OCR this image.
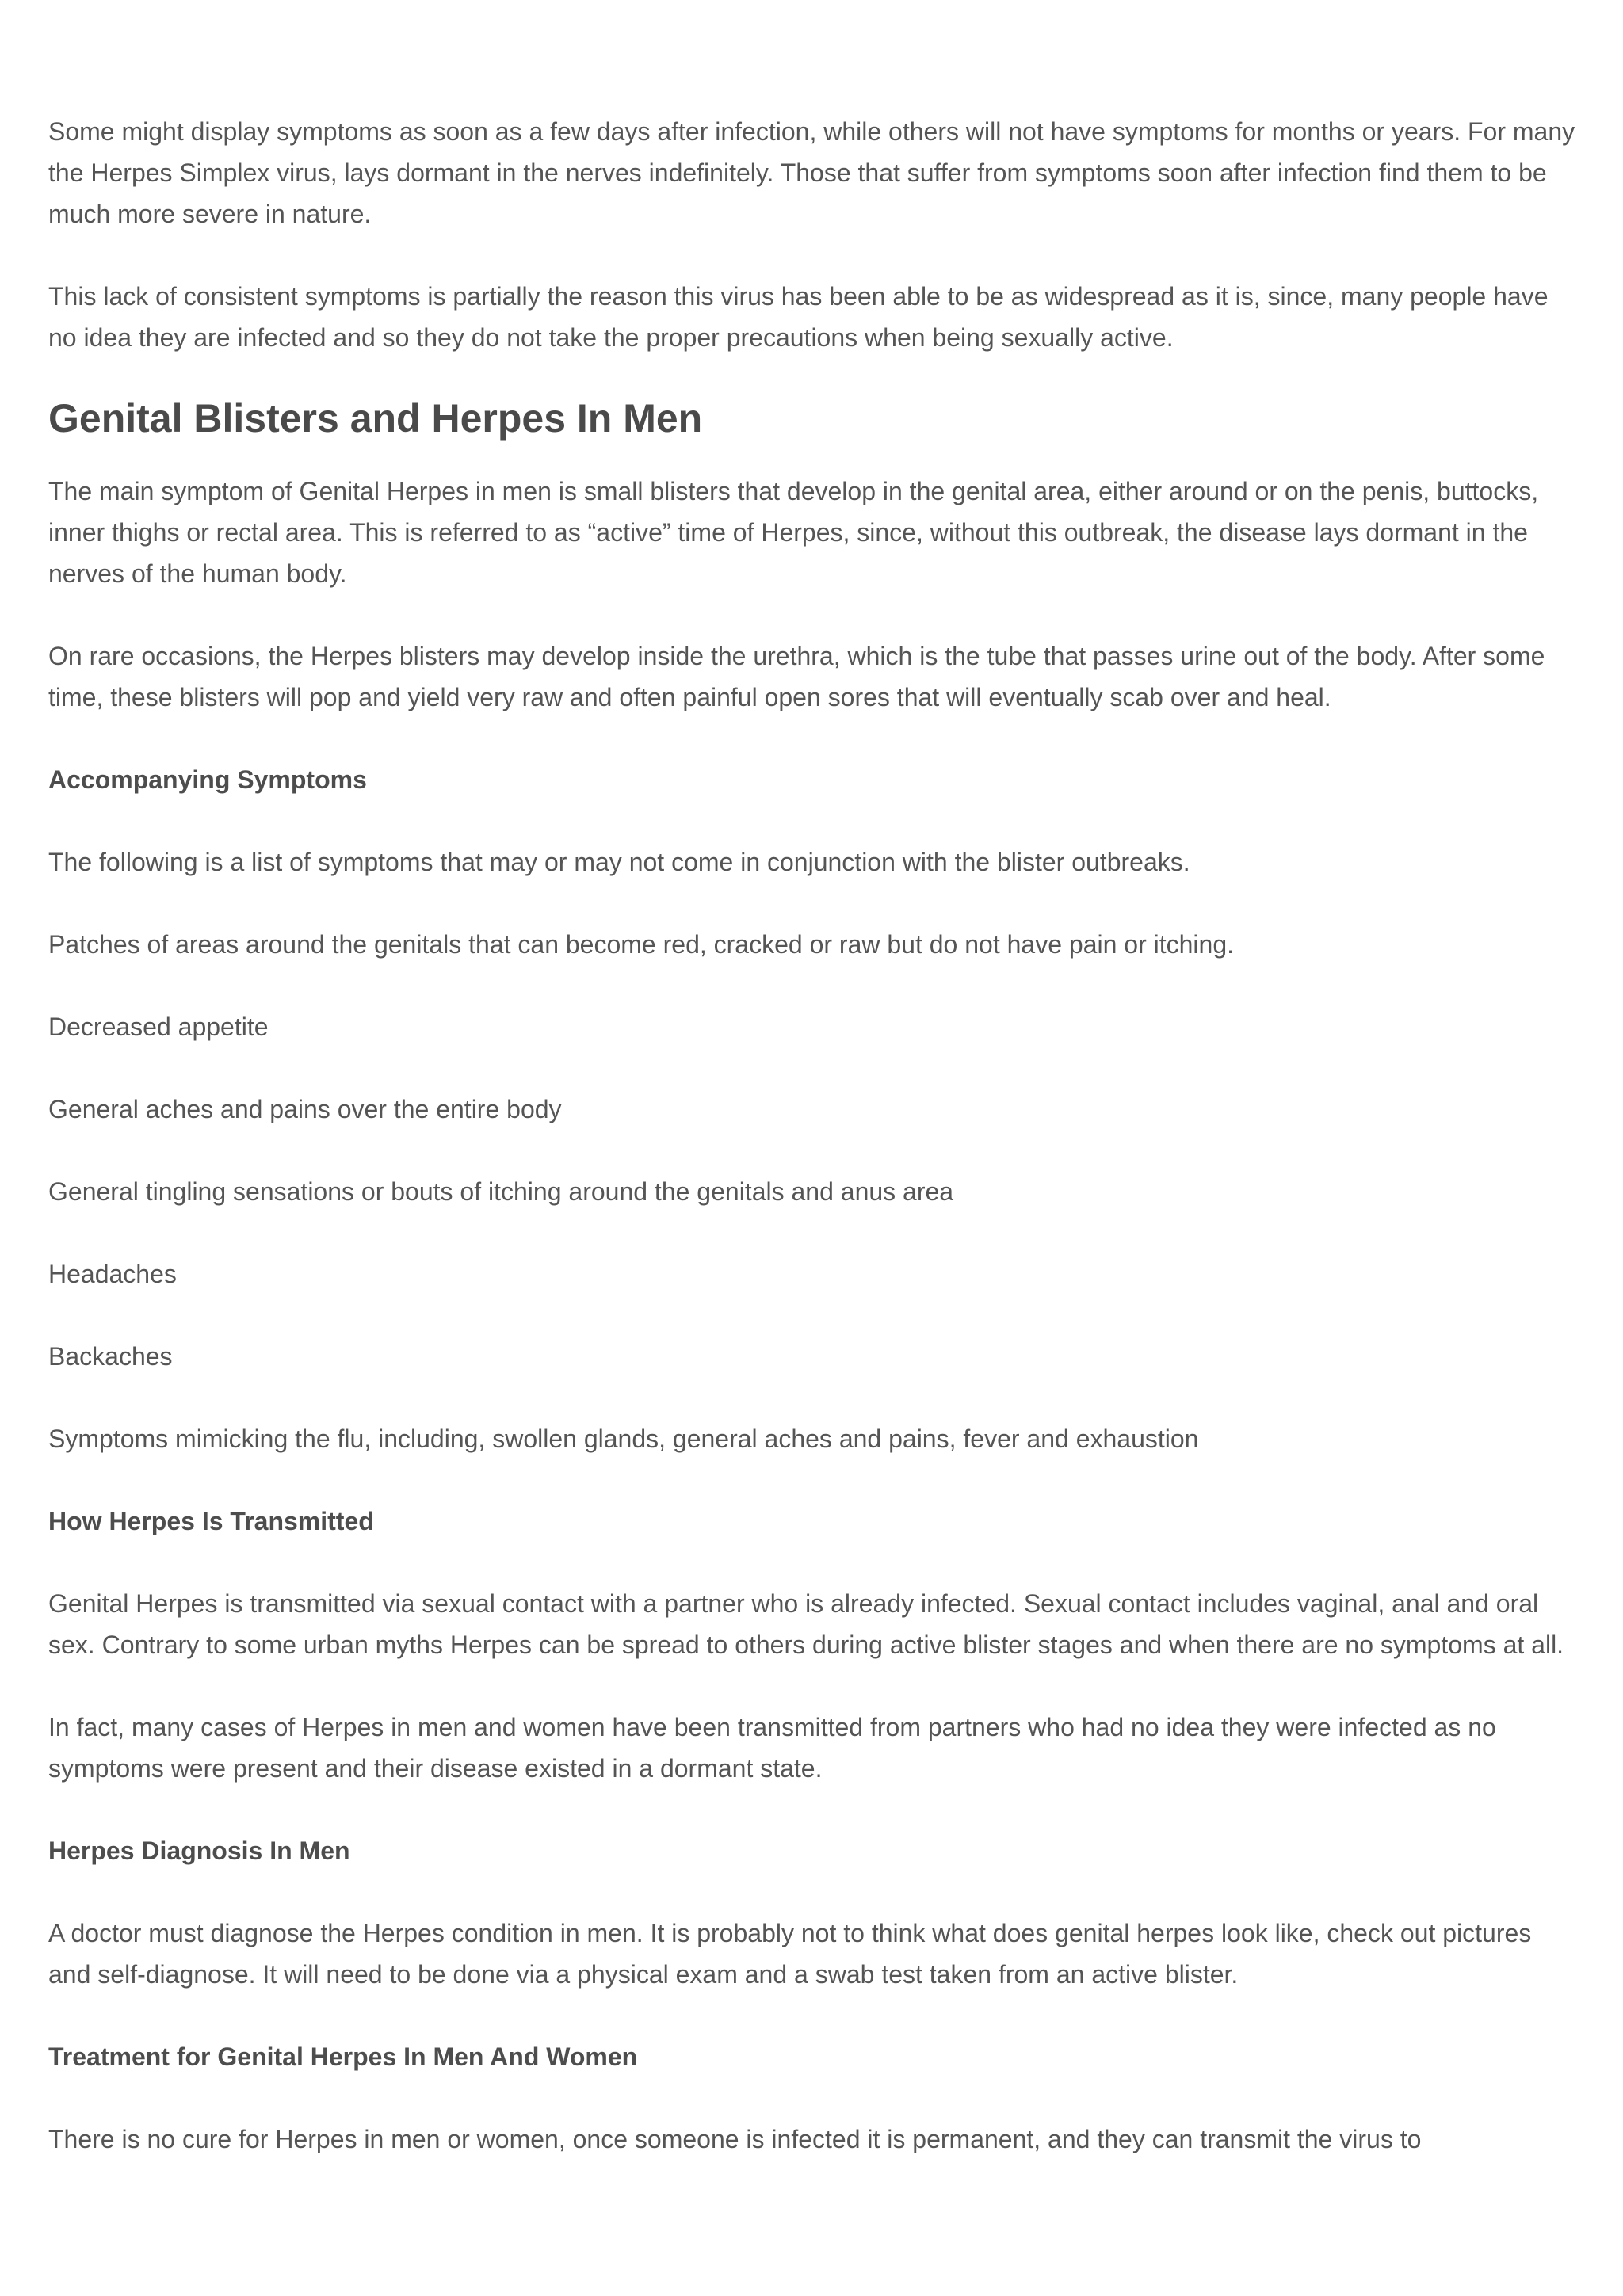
Some might display symptoms as soon as a few days after infection, while others will not have symptoms for months or years. For many the Herpes Simplex virus, lays dormant in the nerves indefinitely. Those that suffer from symptoms soon after infection find them to be much more severe in nature.

This lack of consistent symptoms is partially the reason this virus has been able to be as widespread as it is, since, many people have no idea they are infected and so they do not take the proper precautions when being sexually active.

Genital Blisters and Herpes In Men

The main symptom of Genital Herpes in men is small blisters that develop in the genital area, either around or on the penis, buttocks, inner thighs or rectal area. This is referred to as “active” time of Herpes, since, without this outbreak, the disease lays dormant in the nerves of the human body.

On rare occasions, the Herpes blisters may develop inside the urethra, which is the tube that passes urine out of the body. After some time, these blisters will pop and yield very raw and often painful open sores that will eventually scab over and heal.

Accompanying Symptoms

The following is a list of symptoms that may or may not come in conjunction with the blister outbreaks.

Patches of areas around the genitals that can become red, cracked or raw but do not have pain or itching.

Decreased appetite

General aches and pains over the entire body

General tingling sensations or bouts of itching around the genitals and anus area

Headaches

Backaches

Symptoms mimicking the flu, including, swollen glands, general aches and pains, fever and exhaustion

How Herpes Is Transmitted

Genital Herpes is transmitted via sexual contact with a partner who is already infected. Sexual contact includes vaginal, anal and oral sex. Contrary to some urban myths Herpes can be spread to others during active blister stages and when there are no symptoms at all.

In fact, many cases of Herpes in men and women have been transmitted from partners who had no idea they were infected as no symptoms were present and their disease existed in a dormant state.

Herpes Diagnosis In Men

A doctor must diagnose the Herpes condition in men. It is probably not to think what does genital herpes look like, check out pictures and self-diagnose. It will need to be done via a physical exam and a swab test taken from an active blister.

Treatment for Genital Herpes In Men And Women

There is no cure for Herpes in men or women, once someone is infected it is permanent, and they can transmit the virus to
